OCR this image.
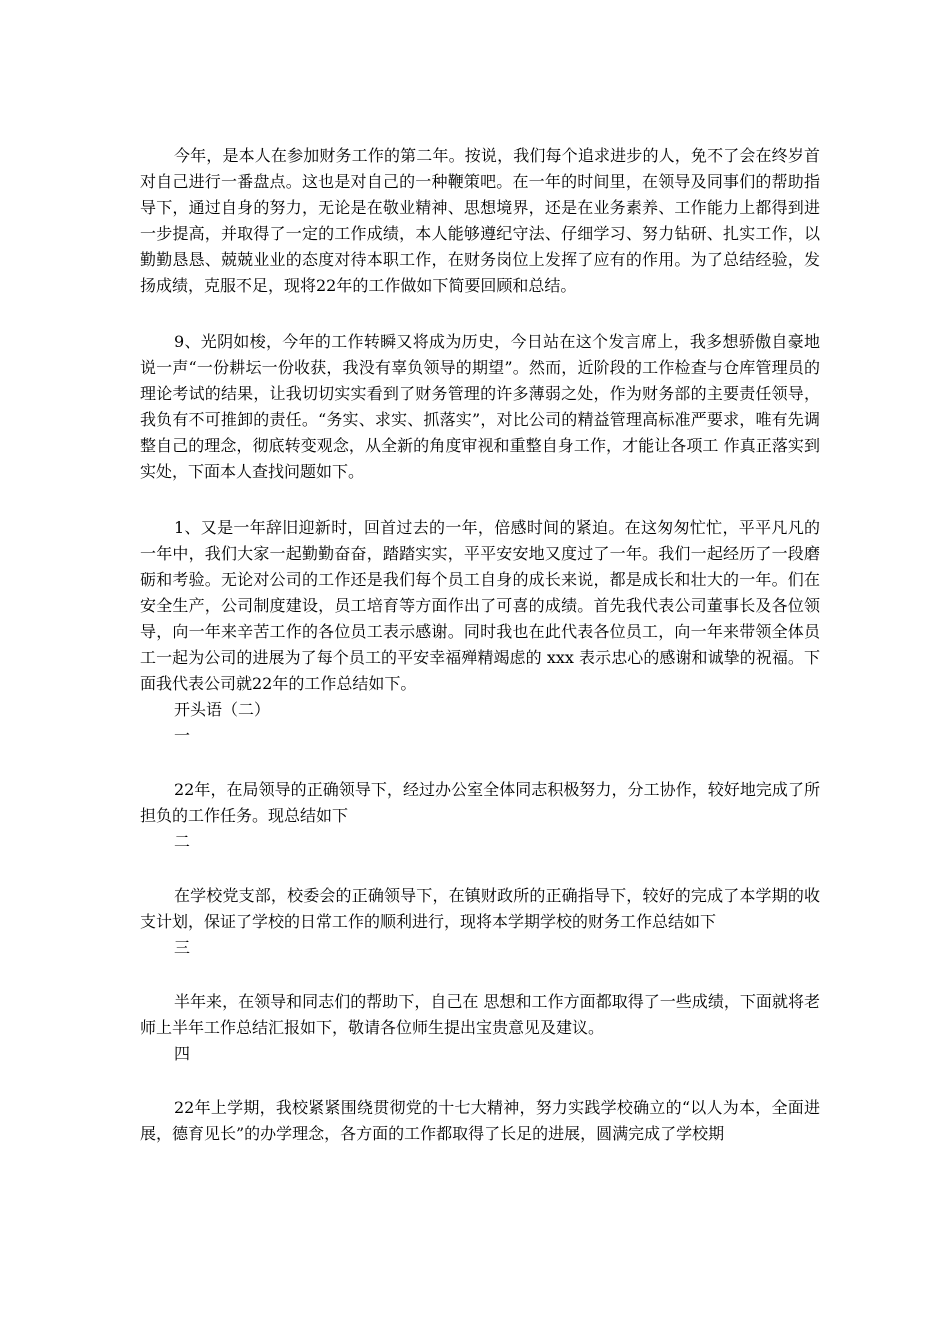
今年，是本人在参加财务工作的第二年。按说，我们每个追求进步的人，免不了会在终岁首对自己进行一番盘点。这也是对自己的一种鞭策吧。在一年的时间里，在领导及同事们的帮助指导下，通过自身的努力，无论是在敬业精神、思想境界，还是在业务素养、工作能力上都得到进一步提高，并取得了一定的工作成绩，本人能够遵纪守法、仔细学习、努力钻研、扎实工作，以勤勤恳恳、兢兢业业的态度对待本职工作，在财务岗位上发挥了应有的作用。为了总结经验，发扬成绩，克服不足，现将22年的工作做如下简要回顾和总结。

9、光阴如梭，今年的工作转瞬又将成为历史，今日站在这个发言席上，我多想骄傲自豪地说一声“一份耕坛一份收获，我没有辜负领导的期望”。然而，近阶段的工作检查与仓库管理员的理论考试的结果，让我切切实实看到了财务管理的许多薄弱之处，作为财务部的主要责任领导，我负有不可推卸的责任。“务实、求实、抓落实”，对比公司的精益管理高标准严要求，唯有先调整自己的理念，彻底转变观念，从全新的角度审视和重整自身工作，才能让各项工 作真正落实到实处，下面本人查找问题如下。

1、又是一年辞旧迎新时，回首过去的一年，倍感时间的紧迫。在这匆匆忙忙，平平凡凡的一年中，我们大家一起勤勤奋奋，踏踏实实，平平安安地又度过了一年。我们一起经历了一段磨砺和考验。无论对公司的工作还是我们每个员工自身的成长来说，都是成长和壮大的一年。们在安全生产，公司制度建设，员工培育等方面作出了可喜的成绩。首先我代表公司董事长及各位领导，向一年来辛苦工作的各位员工表示感谢。同时我也在此代表各位员工，向一年来带领全体员工一起为公司的进展为了每个员工的平安幸福殚精竭虑的 xxx 表示忠心的感谢和诚挚的祝福。下面我代表公司就22年的工作总结如下。

开头语（二）

一

22年，在局领导的正确领导下，经过办公室全体同志积极努力，分工协作，较好地完成了所担负的工作任务。现总结如下

二

在学校党支部，校委会的正确领导下，在镇财政所的正确指导下，较好的完成了本学期的收支计划，保证了学校的日常工作的顺利进行，现将本学期学校的财务工作总结如下

三

半年来，在领导和同志们的帮助下，自己在 思想和工作方面都取得了一些成绩，下面就将老师上半年工作总结汇报如下，敬请各位师生提出宝贵意见及建议。

四

22年上学期，我校紧紧围绕贯彻党的十七大精神，努力实践学校确立的“以人为本，全面进展，德育见长”的办学理念，各方面的工作都取得了长足的进展，圆满完成了学校期
